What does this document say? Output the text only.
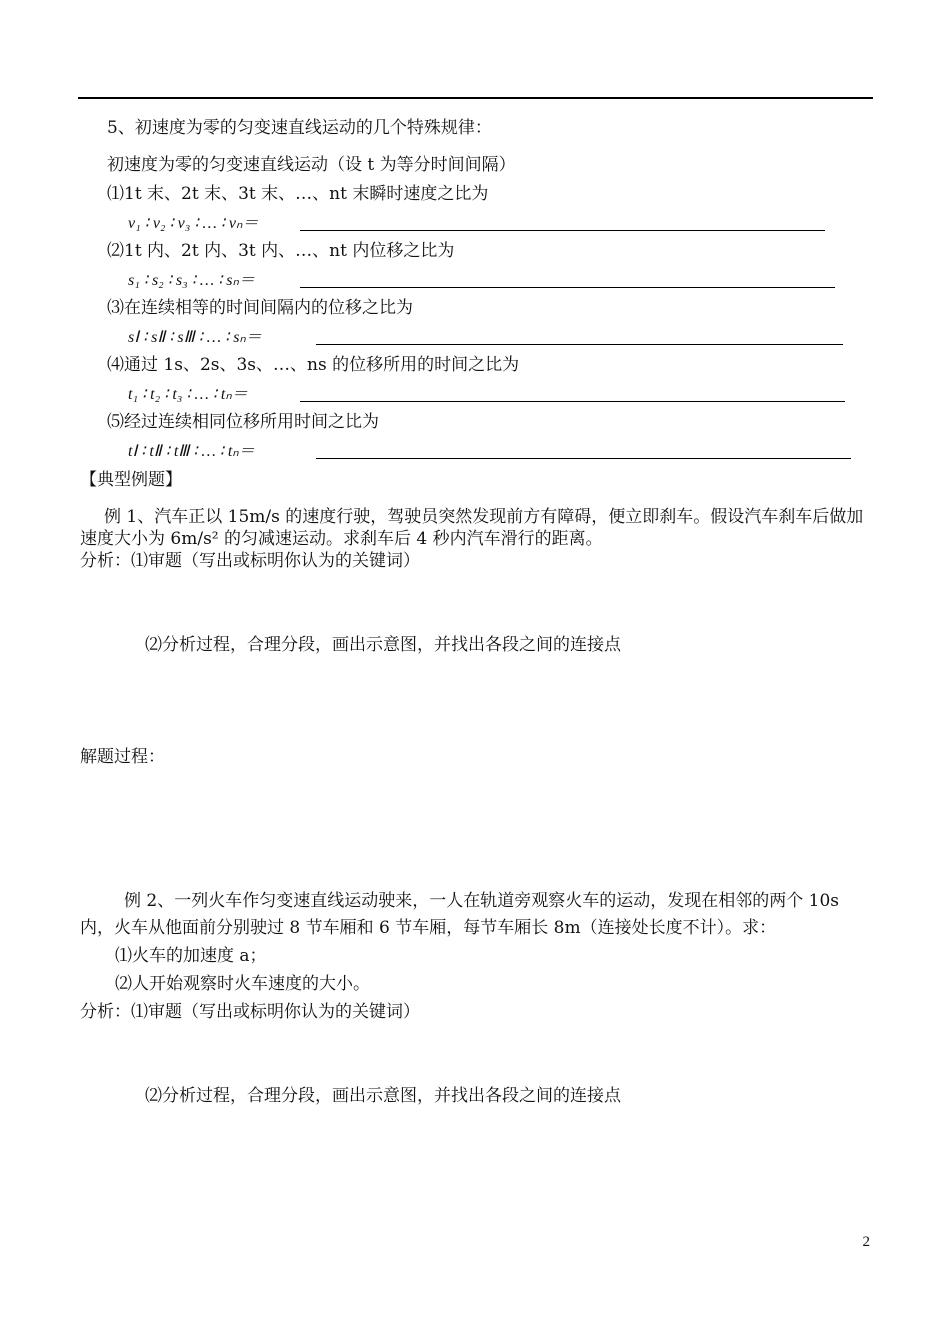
5、初速度为零的匀变速直线运动的几个特殊规律：
初速度为零的匀变速直线运动（设 t 为等分时间间隔）
⑴1t 末、2t 末、3t 末、…、nt 末瞬时速度之比为
v₁ ∶ v₂ ∶ v₃ ∶ … ∶ vₙ＝
⑵1t 内、2t 内、3t 内、…、nt 内位移之比为
s₁ ∶ s₂ ∶ s₃ ∶ … ∶ sₙ＝
⑶在连续相等的时间间隔内的位移之比为
sⅠ ∶ sⅡ ∶ sⅢ ∶ … ∶ sₙ＝
⑷通过 1s、2s、3s、…、ns 的位移所用的时间之比为
t₁ ∶ t₂ ∶ t₃ ∶ … ∶ tₙ＝
⑸经过连续相同位移所用时间之比为
tⅠ ∶ tⅡ ∶ tⅢ ∶ … ∶ tₙ＝
【典型例题】
例 1、汽车正以 15m/s 的速度行驶，驾驶员突然发现前方有障碍，便立即刹车。假设汽车刹车后做加速度大小为 6m/s² 的匀减速运动。求刹车后 4 秒内汽车滑行的距离。
分析：⑴审题（写出或标明你认为的关键词）
⑵分析过程，合理分段，画出示意图，并找出各段之间的连接点
解题过程：
例 2、一列火车作匀变速直线运动驶来，一人在轨道旁观察火车的运动，发现在相邻的两个 10s 内，火车从他面前分别驶过 8 节车厢和 6 节车厢，每节车厢长 8m（连接处长度不计）。求：
⑴火车的加速度 a；
⑵人开始观察时火车速度的大小。
分析：⑴审题（写出或标明你认为的关键词）
⑵分析过程，合理分段，画出示意图，并找出各段之间的连接点
2
